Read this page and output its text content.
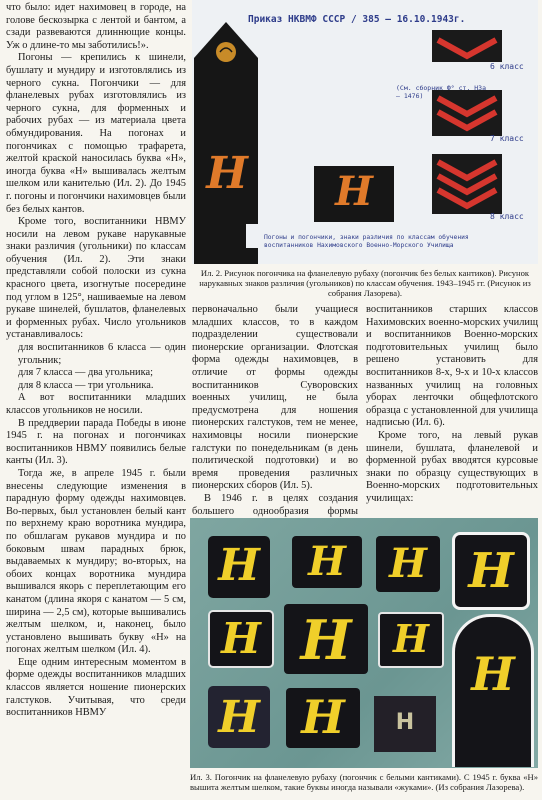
что было: идет нахимовец в городе, на голове бескозырка с лентой и бантом, а сзади развеваются длиннющие концы. Уж о длине-то мы заботились!».

Погоны — крепились к шинели, бушлату и мундиру и изготовлялись из черного сукна. Погончики — для фланелевых рубах изготовлялись из черного сукна, для форменных и рабочих рубах — из материала цвета обмундирования. На погонах и погончиках с помощью трафарета, желтой краской наносилась буква «Н», иногда буква «Н» вышивалась желтым шелком или канителью (Ил. 2). До 1945 г. погоны и погончики нахимовцев были без белых кантов.

Кроме того, воспитанники НВМУ носили на левом рукаве нарукавные знаки различия (угольники) по классам обучения (Ил. 2). Эти знаки представляли собой полоски из сукна красного цвета, изогнутые посередине под углом в 125°, нашиваемые на левом рукаве шинелей, бушлатов, фланелевых и форменных рубах. Число угольников устанавливалось:

для воспитанников 6 класса — один угольник;

для 7 класса — два угольника;

для 8 класса — три угольника.

А вот воспитанники младших классов угольников не носили.

В преддверии парада Победы в июне 1945 г. на погонах и погончиках воспитанников НВМУ появились белые канты (Ил. 3).

Тогда же, в апреле 1945 г. были внесены следующие изменения в парадную форму одежды нахимовцев. Во-первых, был установлен белый кант по верхнему краю воротника мундира, по обшлагам рукавов мундира и по боковым швам парадных брюк, выдаваемых к мундиру; во-вторых, на обоих концах воротника мундира вышивался якорь с переплетающим его канатом (длина якоря с канатом — 5 см, ширина — 2,5 см), которые вышивались желтым шелком, и, наконец, было установлено вышивать букву «Н» на погонах желтым шелком (Ил. 4).

Еще одним интересным моментом в форме одежды воспитанников младших классов является ношение пионерских галстуков. Учитывая, что среди воспитанников НВМУ

Приказ НКВМФ СССР / 385 — 16.10.1943г.
Н	Н
6 класс
7 класс
8 класс
(См. сборник Ф° ст. Н3а — 1476)
Погоны и погончики, знаки различия по классам обучения воспитанников Нахимовского Военно-Морского Училища
Ил. 2. Рисунок погончика на фланелевую рубаху (погончик без белых кантиков). Рисунок нарукавных знаков различия (угольников) по классам обучения. 1943–1945 гг. (Рисунок из собрания Лазорева).

первоначально были учащиеся младших классов, то в каждом подразделении существовали пионерские организации. Флотская форма одежды нахимовцев, в отличие от формы одежды воспитанников Суворовских военных училищ, не была предусмотрена для ношения пионерских галстуков, тем не менее, нахимовцы носили пионерские галстуки по понедельникам (в день политической подготовки) и во время проведения различных пионерских сборов (Ил. 5).

В 1946 г. в целях создания большего однообразия формы

воспитанников старших классов Нахимовских военно-морских училищ и воспитанников Военно-морских подготовительных училищ было решено установить для воспитанников 8-х, 9-х и 10-х классов названных училищ на головных уборах ленточки общефлотского образца с установленной для училища надписью (Ил. 6).

Кроме того, на левый рукав шинели, бушлата, фланелевой и форменной рубах вводятся курсовые знаки по образцу существующих в Военно-морских подготовительных училищах:

Н	Н	Н Н
Н Н	Н
Н
Н Н	Н
Ил. 3. Погончик на фланелевую рубаху (погончик с белыми кантиками). С 1945 г. буква «Н» вышита желтым шелком, такие буквы иногда называли «жуками». (Из собрания Лазорева).
